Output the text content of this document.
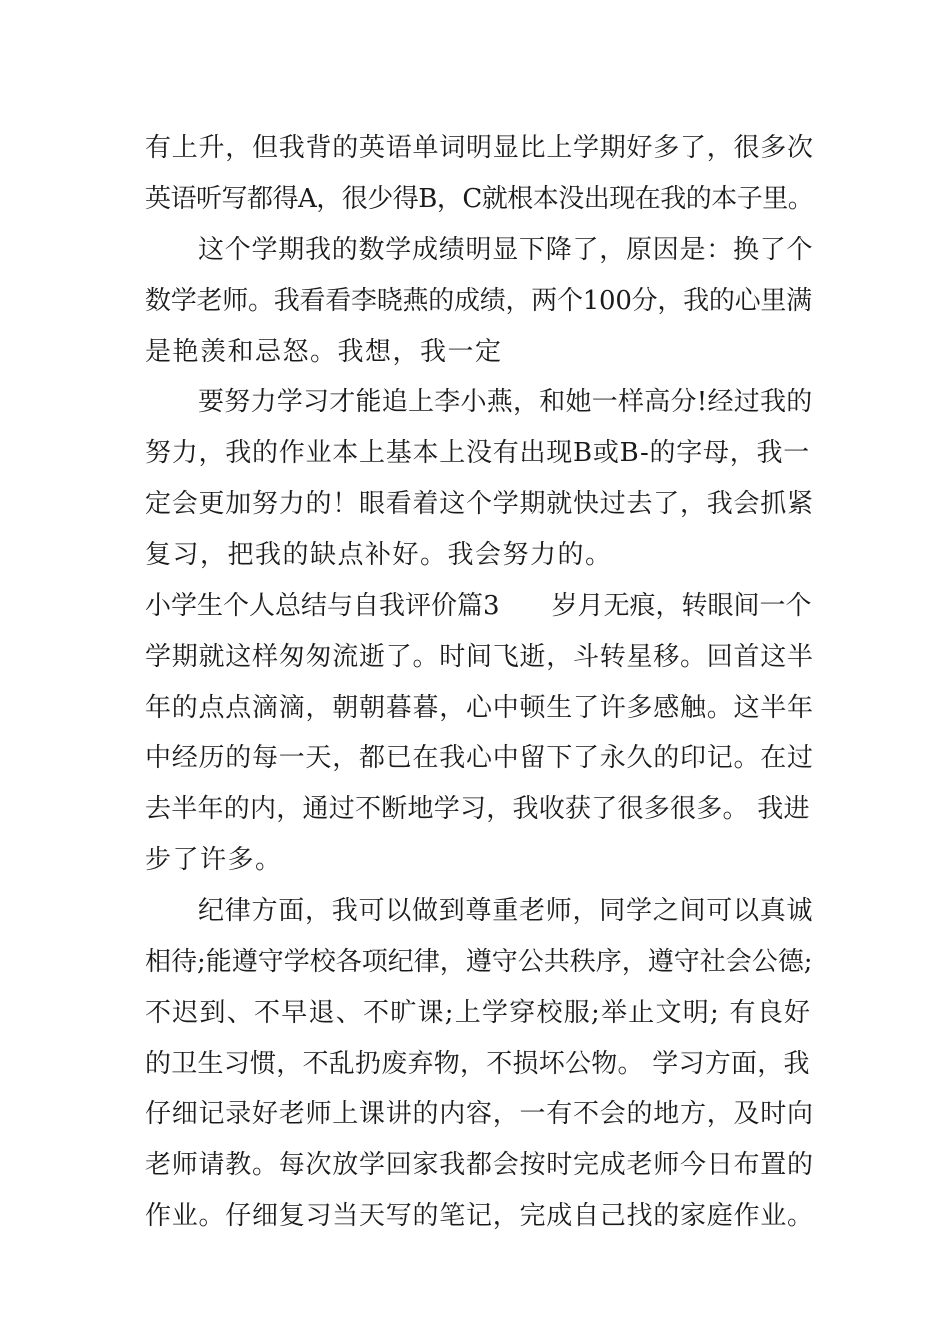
有上升，但我背的英语单词明显比上学期好多了，很多次
英语听写都得A，很少得B，C就根本没出现在我的本子里。
这个学期我的数学成绩明显下降了，原因是：换了个
数学老师。我看看李晓燕的成绩，两个100分，我的心里满
是艳羡和忌怒。我想，我一定
要努力学习才能追上李小燕，和她一样高分!经过我的
努力，我的作业本上基本上没有出现B或B-的字母，我一
定会更加努力的！眼看着这个学期就快过去了，我会抓紧
复习，把我的缺点补好。我会努力的。
小学生个人总结与自我评价篇3　　岁月无痕，转眼间一个
学期就这样匆匆流逝了。时间飞逝，斗转星移。回首这半
年的点点滴滴，朝朝暮暮，心中顿生了许多感触。这半年
中经历的每一天，都已在我心中留下了永久的印记。在过
去半年的内，通过不断地学习，我收获了很多很多。 我进
步了许多。
纪律方面，我可以做到尊重老师，同学之间可以真诚
相待;能遵守学校各项纪律，遵守公共秩序，遵守社会公德;
不迟到、不早退、不旷课;上学穿校服;举止文明; 有良好
的卫生习惯，不乱扔废弃物，不损坏公物。 学习方面，我
仔细记录好老师上课讲的内容，一有不会的地方，及时向
老师请教。每次放学回家我都会按时完成老师今日布置的
作业。仔细复习当天写的笔记，完成自己找的家庭作业。
